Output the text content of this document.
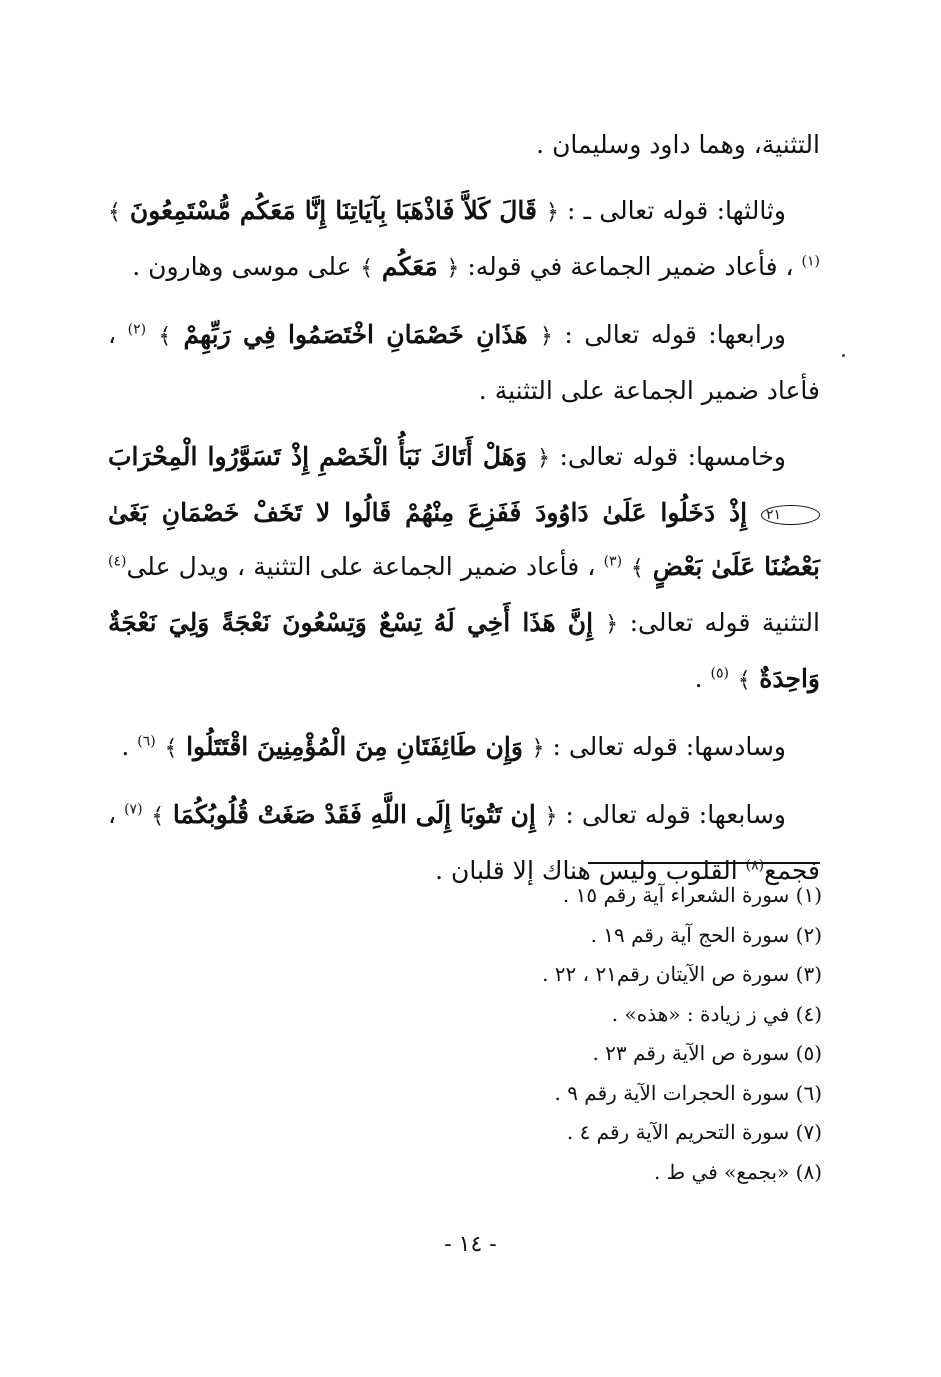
التثنية، وهما داود وسليمان .

وثالثها: قوله تعالى ـ : ﴿ قَالَ كَلاَّ فَاذْهَبَا بِآيَاتِنَا إِنَّا مَعَكُم مُّسْتَمِعُونَ ﴾ $^{(١)}$ ، فأعاد ضمير الجماعة في قوله: ﴿ مَعَكُم ﴾ على موسى وهارون .

ورابعها: قوله تعالى : ﴿ هَذَانِ خَصْمَانِ اخْتَصَمُوا فِي رَبِّهِمْ ﴾ $^{(٢)}$ ، فأعاد ضمير الجماعة على التثنية .

وخامسها: قوله تعالى: ﴿ وَهَلْ أَتَاكَ نَبَأُ الْخَصْمِ إِذْ تَسَوَّرُوا الْمِحْرَابَ ٢١ إِذْ دَخَلُوا عَلَىٰ دَاوُودَ فَفَزِعَ مِنْهُمْ قَالُوا لا تَخَفْ خَصْمَانِ بَغَىٰ بَعْضُنَا عَلَىٰ بَعْضٍ ﴾ $^{(٣)}$ ، فأعاد ضمير الجماعة على التثنية ، ويدل على$^{(٤)}$ التثنية قوله تعالى: ﴿ إِنَّ هَذَا أَخِي لَهُ تِسْعٌ وَتِسْعُونَ نَعْجَةً وَلِيَ نَعْجَةٌ وَاحِدَةٌ ﴾ $^{(٥)}$ .

وسادسها: قوله تعالى : ﴿ وَإِن طَائِفَتَانِ مِنَ الْمُؤْمِنِينَ اقْتَتَلُوا ﴾ $^{(٦)}$ .

وسابعها: قوله تعالى : ﴿ إِن تَتُوبَا إِلَى اللَّهِ فَقَدْ صَغَتْ قُلُوبُكُمَا ﴾ $^{(٧)}$ ، فجمع$^{(٨)}$ القلوب وليس هناك إلا قلبان .

(١) سورة الشعراء آية رقم ١٥ .

(٢) سورة الحج آية رقم ١٩ .

(٣) سورة ص الآيتان رقم٢١ ، ٢٢ .

(٤) في ز زيادة : «هذه» .

(٥) سورة ص الآية رقم ٢٣ .

(٦) سورة الحجرات الآية رقم ٩ .

(٧) سورة التحريم الآية رقم ٤ .

(٨) «بجمع» في ط .

- ١٤ -
